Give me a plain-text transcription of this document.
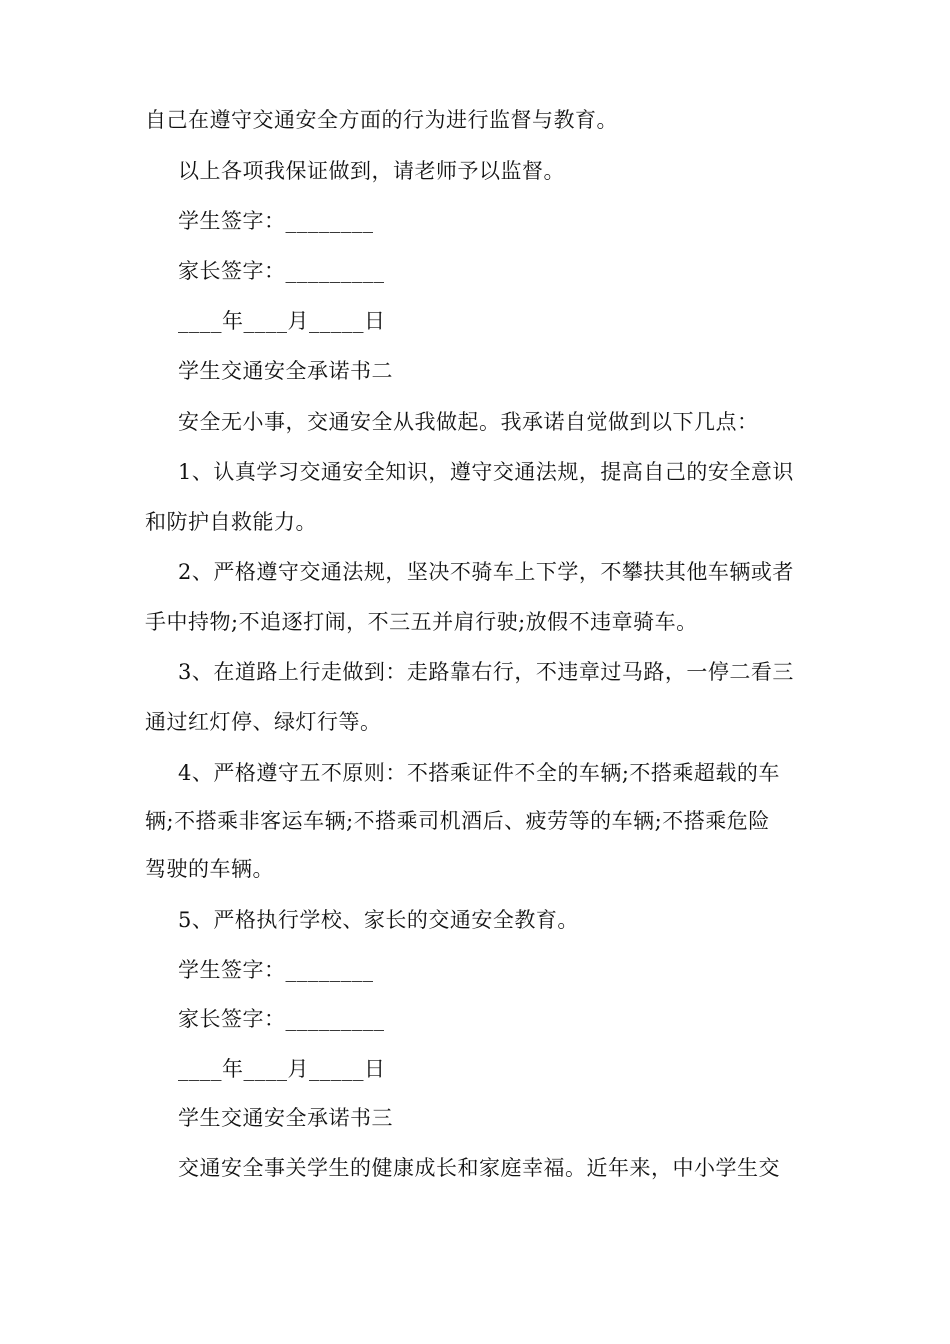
自己在遵守交通安全方面的行为进行监督与教育。
以上各项我保证做到，请老师予以监督。
学生签字：________
家长签字：_________
____年____月_____日
学生交通安全承诺书二
安全无小事，交通安全从我做起。我承诺自觉做到以下几点：
1、认真学习交通安全知识，遵守交通法规，提高自己的安全意识
和防护自救能力。
2、严格遵守交通法规，坚决不骑车上下学，不攀扶其他车辆或者
手中持物;不追逐打闹，不三五并肩行驶;放假不违章骑车。
3、在道路上行走做到：走路靠右行，不违章过马路，一停二看三
通过红灯停、绿灯行等。
4、严格遵守五不原则：不搭乘证件不全的车辆;不搭乘超载的车
辆;不搭乘非客运车辆;不搭乘司机酒后、疲劳等的车辆;不搭乘危险
驾驶的车辆。
5、严格执行学校、家长的交通安全教育。
学生签字：________
家长签字：_________
____年____月_____日
学生交通安全承诺书三
交通安全事关学生的健康成长和家庭幸福。近年来，中小学生交
